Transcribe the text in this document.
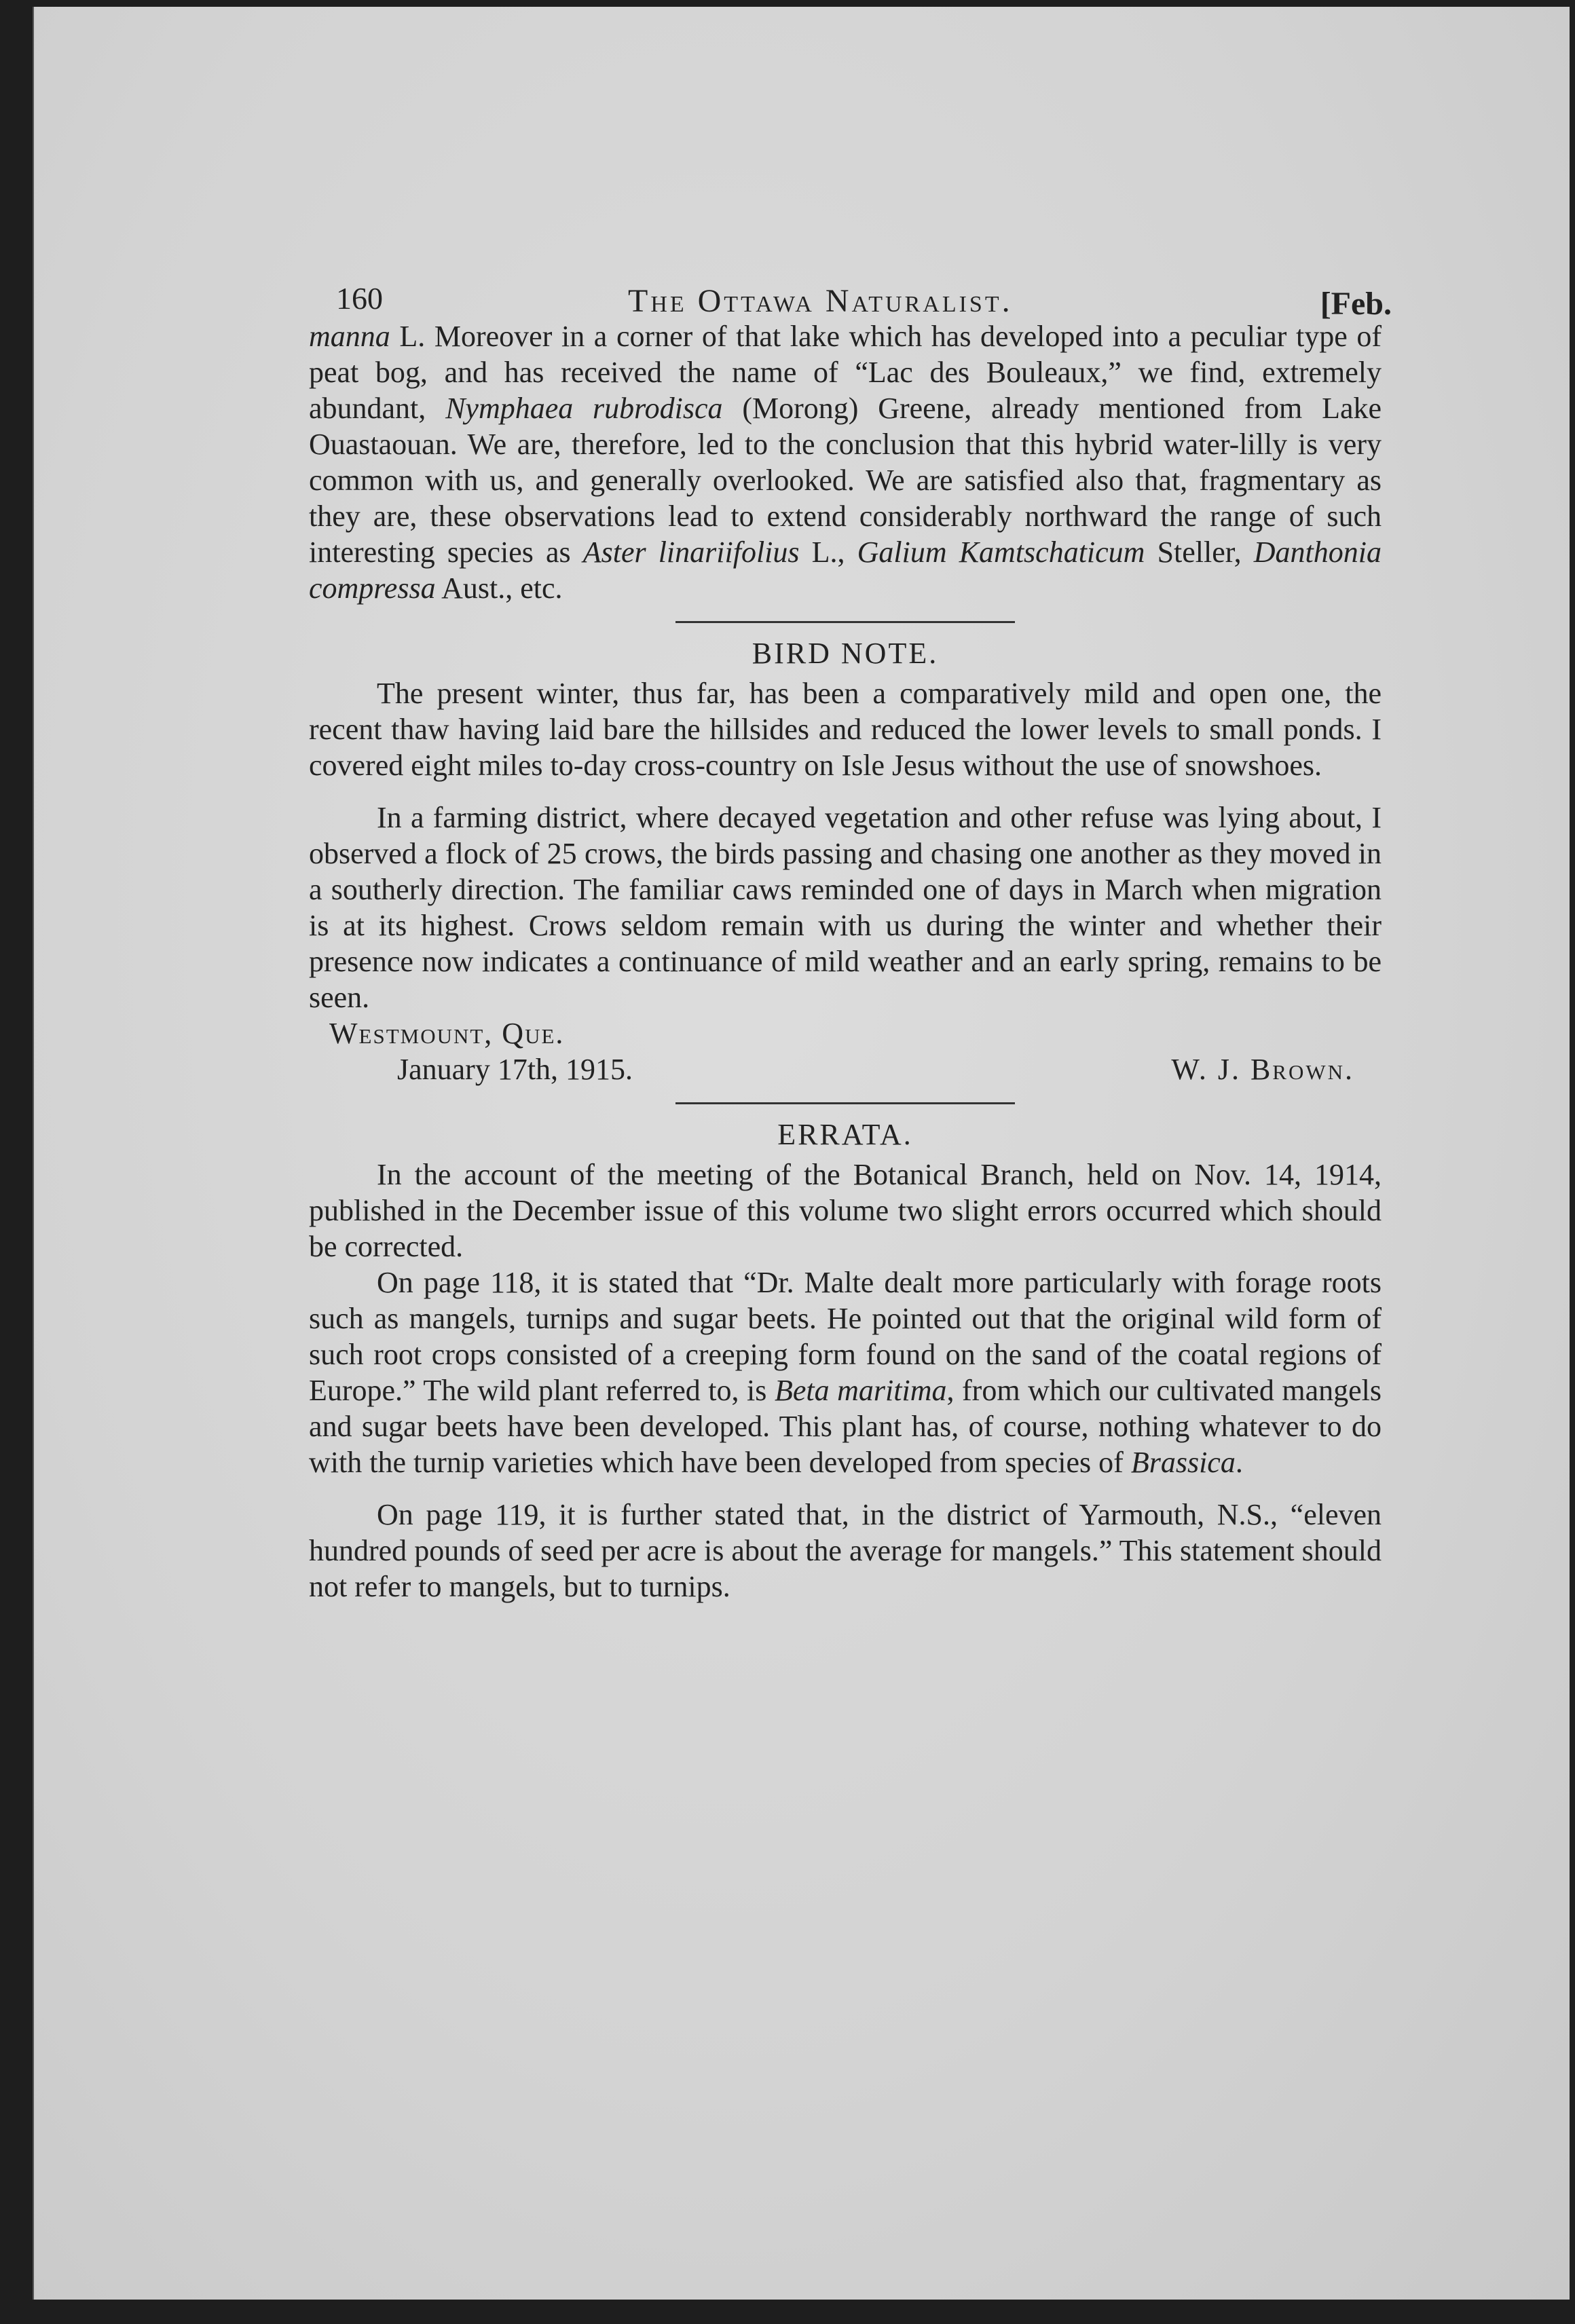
160	The Ottawa Naturalist.	[Feb.

manna L. Moreover in a corner of that lake which has developed into a peculiar type of peat bog, and has received the name of “Lac des Bouleaux,” we find, extremely abundant, Nymphaea rubrodisca (Morong) Greene, already mentioned from Lake Ouastaouan. We are, therefore, led to the conclusion that this hybrid water-lilly is very common with us, and generally overlooked. We are satisfied also that, fragmentary as they are, these observations lead to extend considerably northward the range of such interesting species as Aster linariifolius L., Galium Kamtschaticum Steller, Danthonia compressa Aust., etc.

BIRD NOTE.

The present winter, thus far, has been a comparatively mild and open one, the recent thaw having laid bare the hillsides and reduced the lower levels to small ponds. I covered eight miles to-day cross-country on Isle Jesus without the use of snowshoes.

In a farming district, where decayed vegetation and other refuse was lying about, I observed a flock of 25 crows, the birds passing and chasing one another as they moved in a southerly direction. The familiar caws reminded one of days in March when migration is at its highest. Crows seldom remain with us during the winter and whether their presence now indicates a continuance of mild weather and an early spring, remains to be seen.

Westmount, Que.
January 17th, 1915.	W. J. Brown.
ERRATA.

In the account of the meeting of the Botanical Branch, held on Nov. 14, 1914, published in the December issue of this volume two slight errors occurred which should be corrected.

On page 118, it is stated that “Dr. Malte dealt more particularly with forage roots such as mangels, turnips and sugar beets. He pointed out that the original wild form of such root crops consisted of a creeping form found on the sand of the coatal regions of Europe.” The wild plant referred to, is Beta maritima, from which our cultivated mangels and sugar beets have been developed. This plant has, of course, nothing whatever to do with the turnip varieties which have been developed from species of Brassica.

On page 119, it is further stated that, in the district of Yarmouth, N.S., “eleven hundred pounds of seed per acre is about the average for mangels.” This statement should not refer to mangels, but to turnips.
